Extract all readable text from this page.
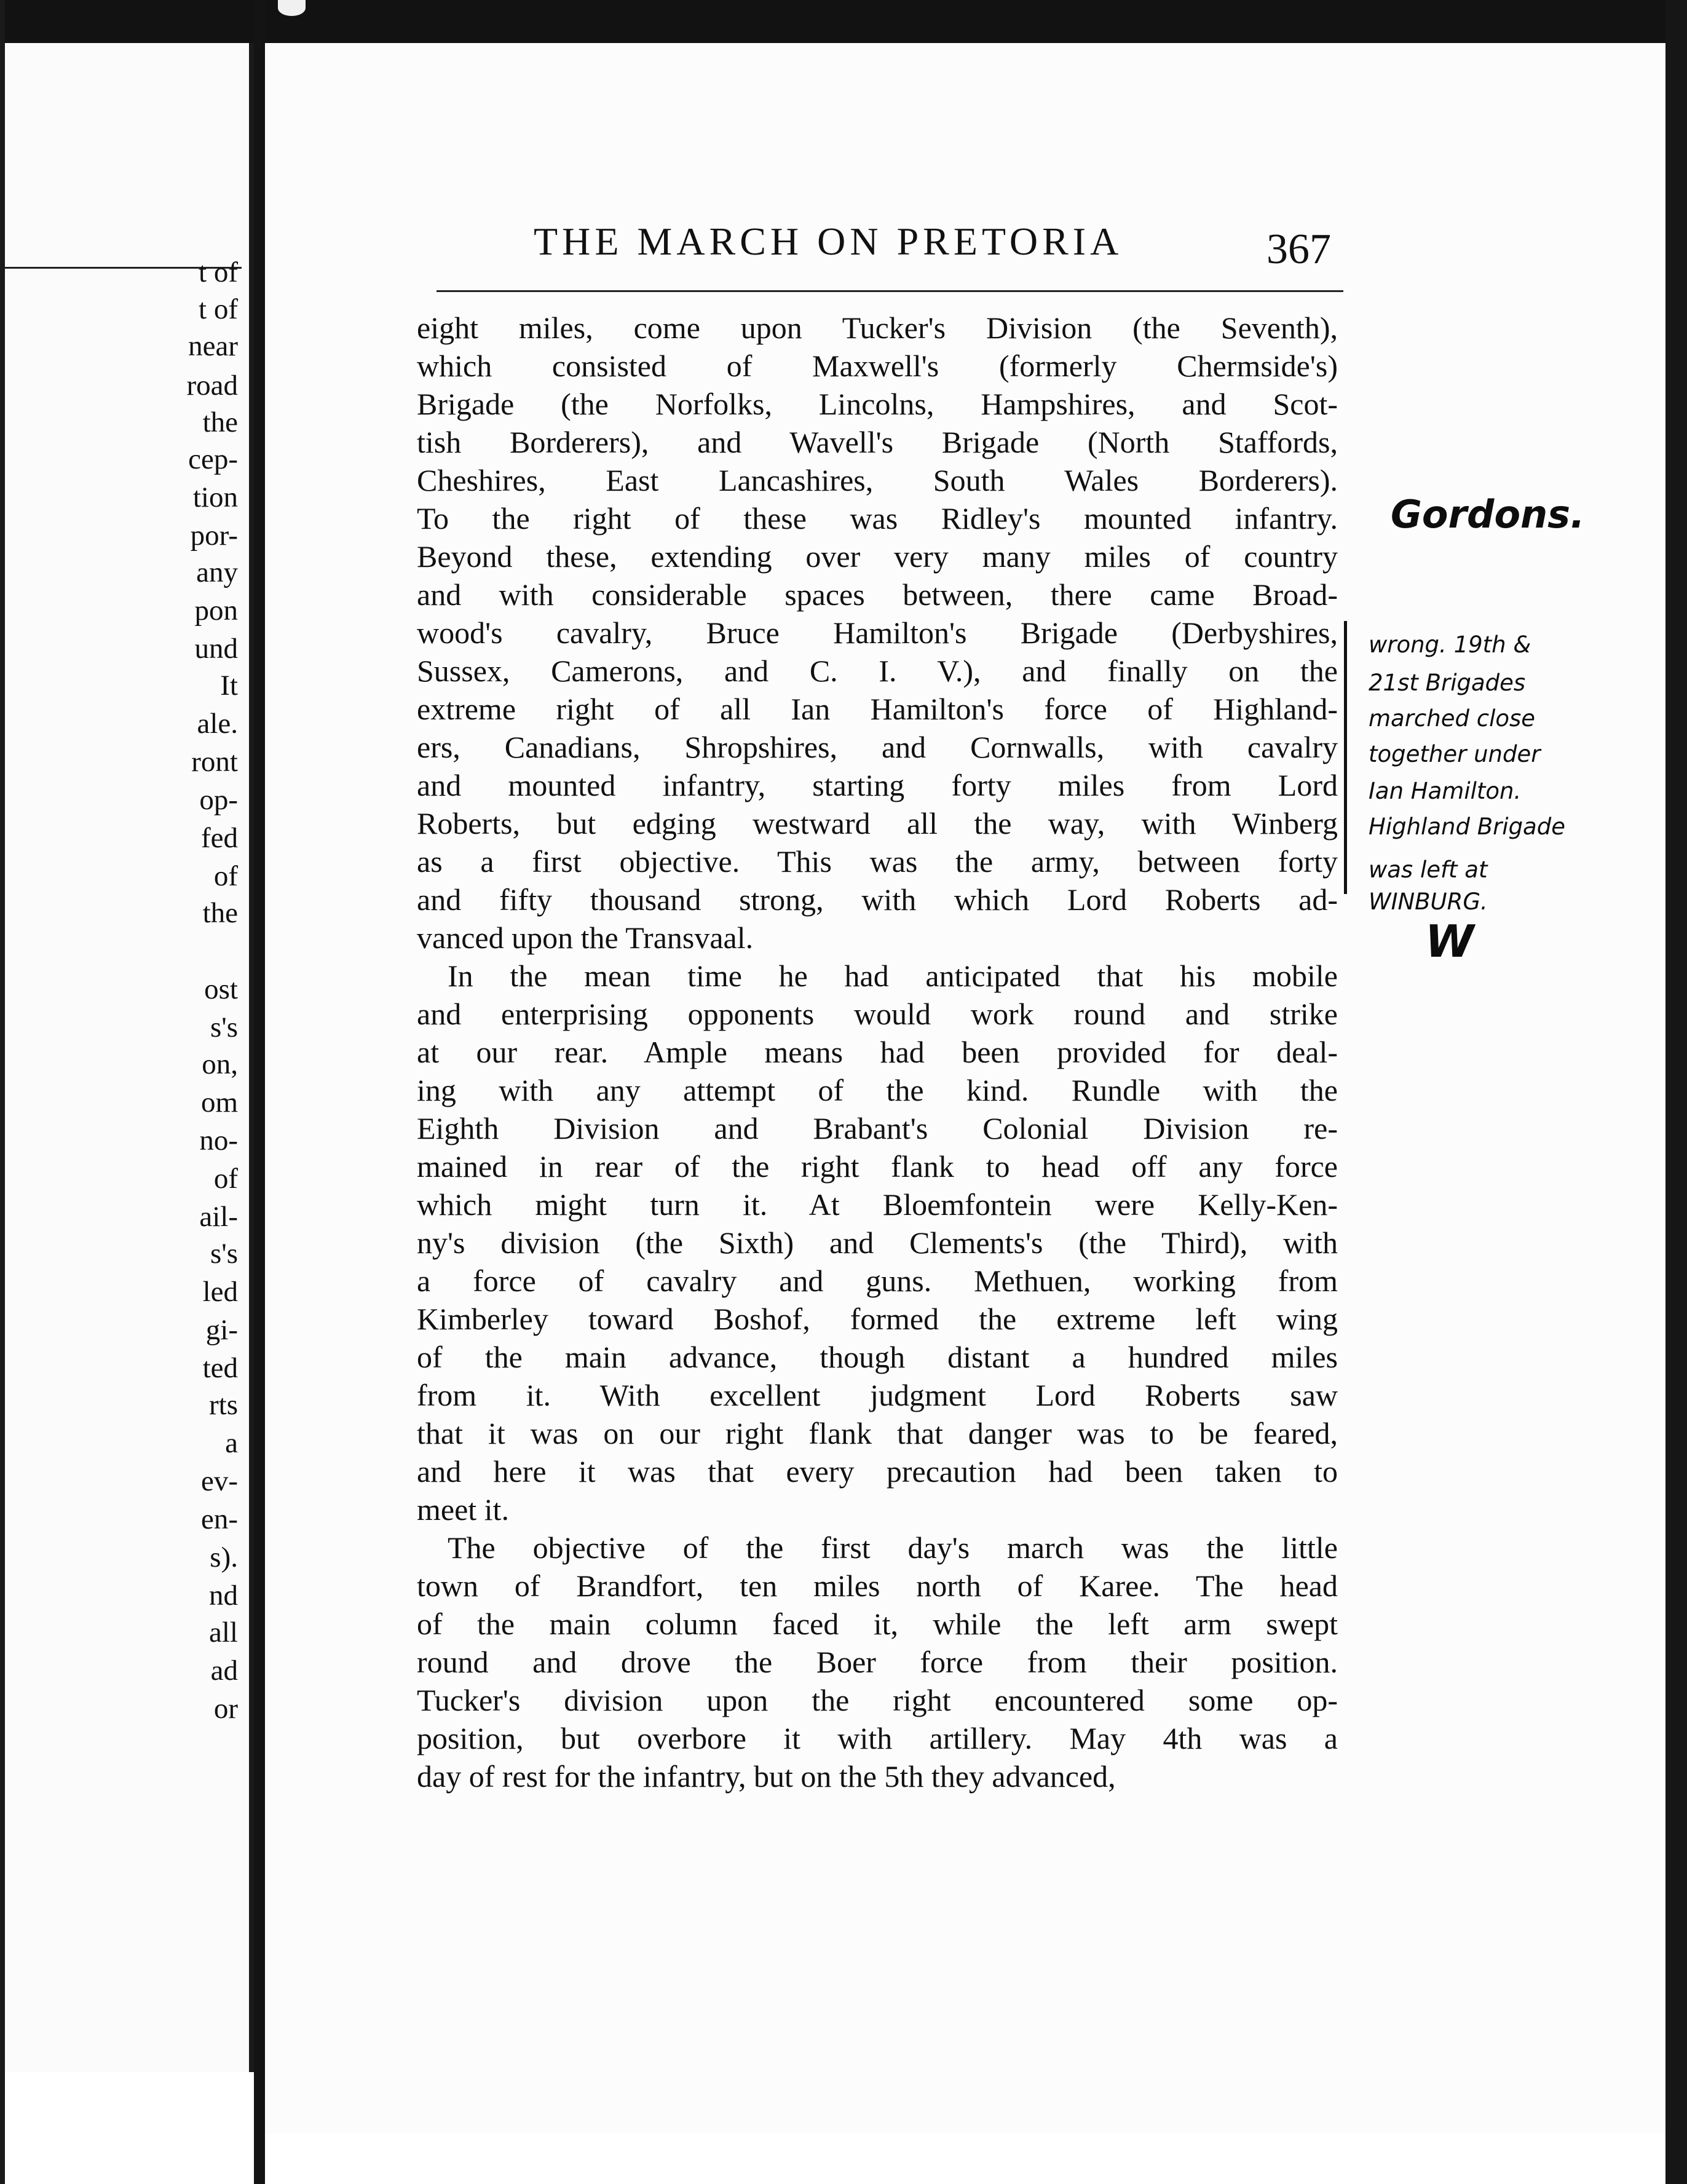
t of

t of

near

road

the

cep-

tion

por-

any

pon

und

It

ale.

ront

op-

fed

of

the

ost

s's

on,

om

no-

of

ail-

s's

led

gi-

ted

rts

a

ev-

en-

s).

nd

all

ad

or

THE MARCH ON PRETORIA	367

eight miles, come upon Tucker's Division (the Seventh),
which consisted of Maxwell's (formerly Chermside's)
Brigade (the Norfolks, Lincolns, Hampshires, and Scot-
tish Borderers), and Wavell's Brigade (North Staffords,
Cheshires, East Lancashires, South Wales Borderers).
To the right of these was Ridley's mounted infantry.
Beyond these, extending over very many miles of country
and with considerable spaces between, there came Broad-
wood's cavalry, Bruce Hamilton's Brigade (Derbyshires,
Sussex, Camerons, and C. I. V.), and finally on the
extreme right of all Ian Hamilton's force of Highland-
ers, Canadians, Shropshires, and Cornwalls, with cavalry
and mounted infantry, starting forty miles from Lord
Roberts, but edging westward all the way, with Winberg
as a first objective. This was the army, between forty
and fifty thousand strong, with which Lord Roberts ad-
vanced upon the Transvaal.

In the mean time he had anticipated that his mobile
and enterprising opponents would work round and strike
at our rear. Ample means had been provided for deal-
ing with any attempt of the kind. Rundle with the
Eighth Division and Brabant's Colonial Division re-
mained in rear of the right flank to head off any force
which might turn it. At Bloemfontein were Kelly-Ken-
ny's division (the Sixth) and Clements's (the Third), with
a force of cavalry and guns. Methuen, working from
Kimberley toward Boshof, formed the extreme left wing
of the main advance, though distant a hundred miles
from it. With excellent judgment Lord Roberts saw
that it was on our right flank that danger was to be feared,
and here it was that every precaution had been taken to
meet it.

The objective of the first day's march was the little
town of Brandfort, ten miles north of Karee. The head
of the main column faced it, while the left arm swept
round and drove the Boer force from their position.
Tucker's division upon the right encountered some op-
position, but overbore it with artillery. May 4th was a
day of rest for the infantry, but on the 5th they advanced,

Gordons.

wrong. 19th &

21st Brigades

marched close

together under

Ian Hamilton.

Highland Brigade

was left at

WINBURG.

W
